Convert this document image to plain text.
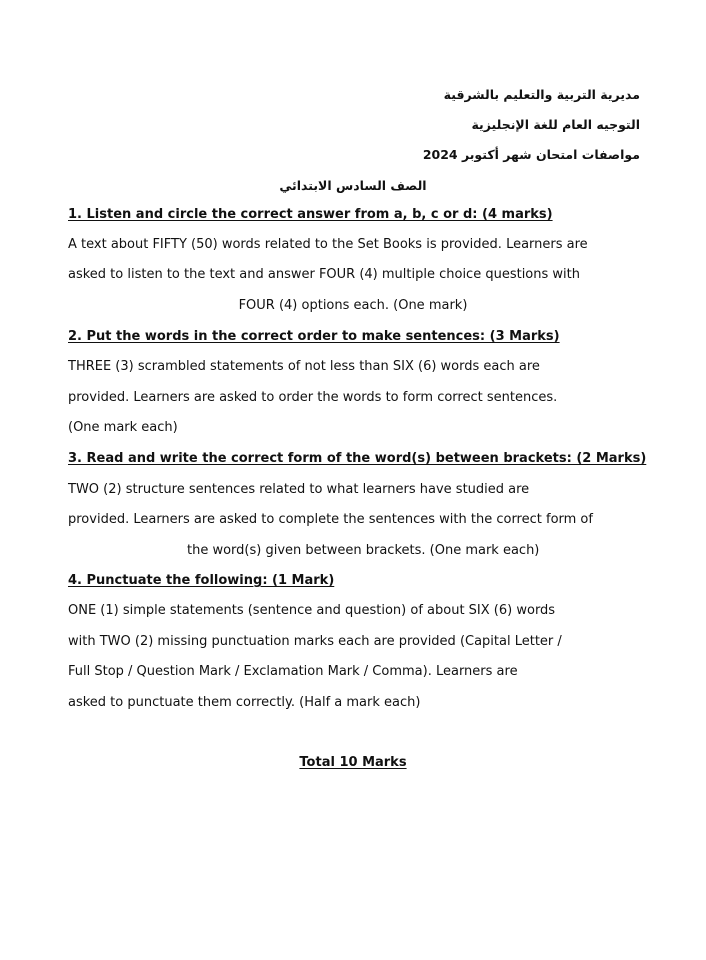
مديرية التربية والتعليم بالشرقية
التوجيه العام للغة الإنجليزية
مواصفات امتحان شهر أكتوبر 2024
الصف السادس الابتدائي
1. Listen and circle the correct answer from a, b, c or d: (4 marks)
A text about FIFTY (50) words related to the Set Books is provided. Learners are
asked to listen to the text and answer FOUR (4) multiple choice questions with
FOUR (4) options each. (One mark)
2. Put the words in the correct order to make sentences: (3 Marks)
THREE (3) scrambled statements of not less than SIX (6) words each are
provided. Learners are asked to order the words to form correct sentences.
(One mark each)
3. Read and write the correct form of the word(s) between brackets: (2 Marks)
TWO (2) structure sentences related to what learners have studied are
provided. Learners are asked to complete the sentences with the correct form of
the word(s) given between brackets. (One mark each)
4. Punctuate the following: (1 Mark)
ONE (1) simple statements (sentence and question) of about SIX (6) words
with TWO (2) missing punctuation marks each are provided (Capital Letter /
Full Stop / Question Mark / Exclamation Mark / Comma). Learners are
asked to punctuate them correctly. (Half a mark each)
Total 10 Marks
